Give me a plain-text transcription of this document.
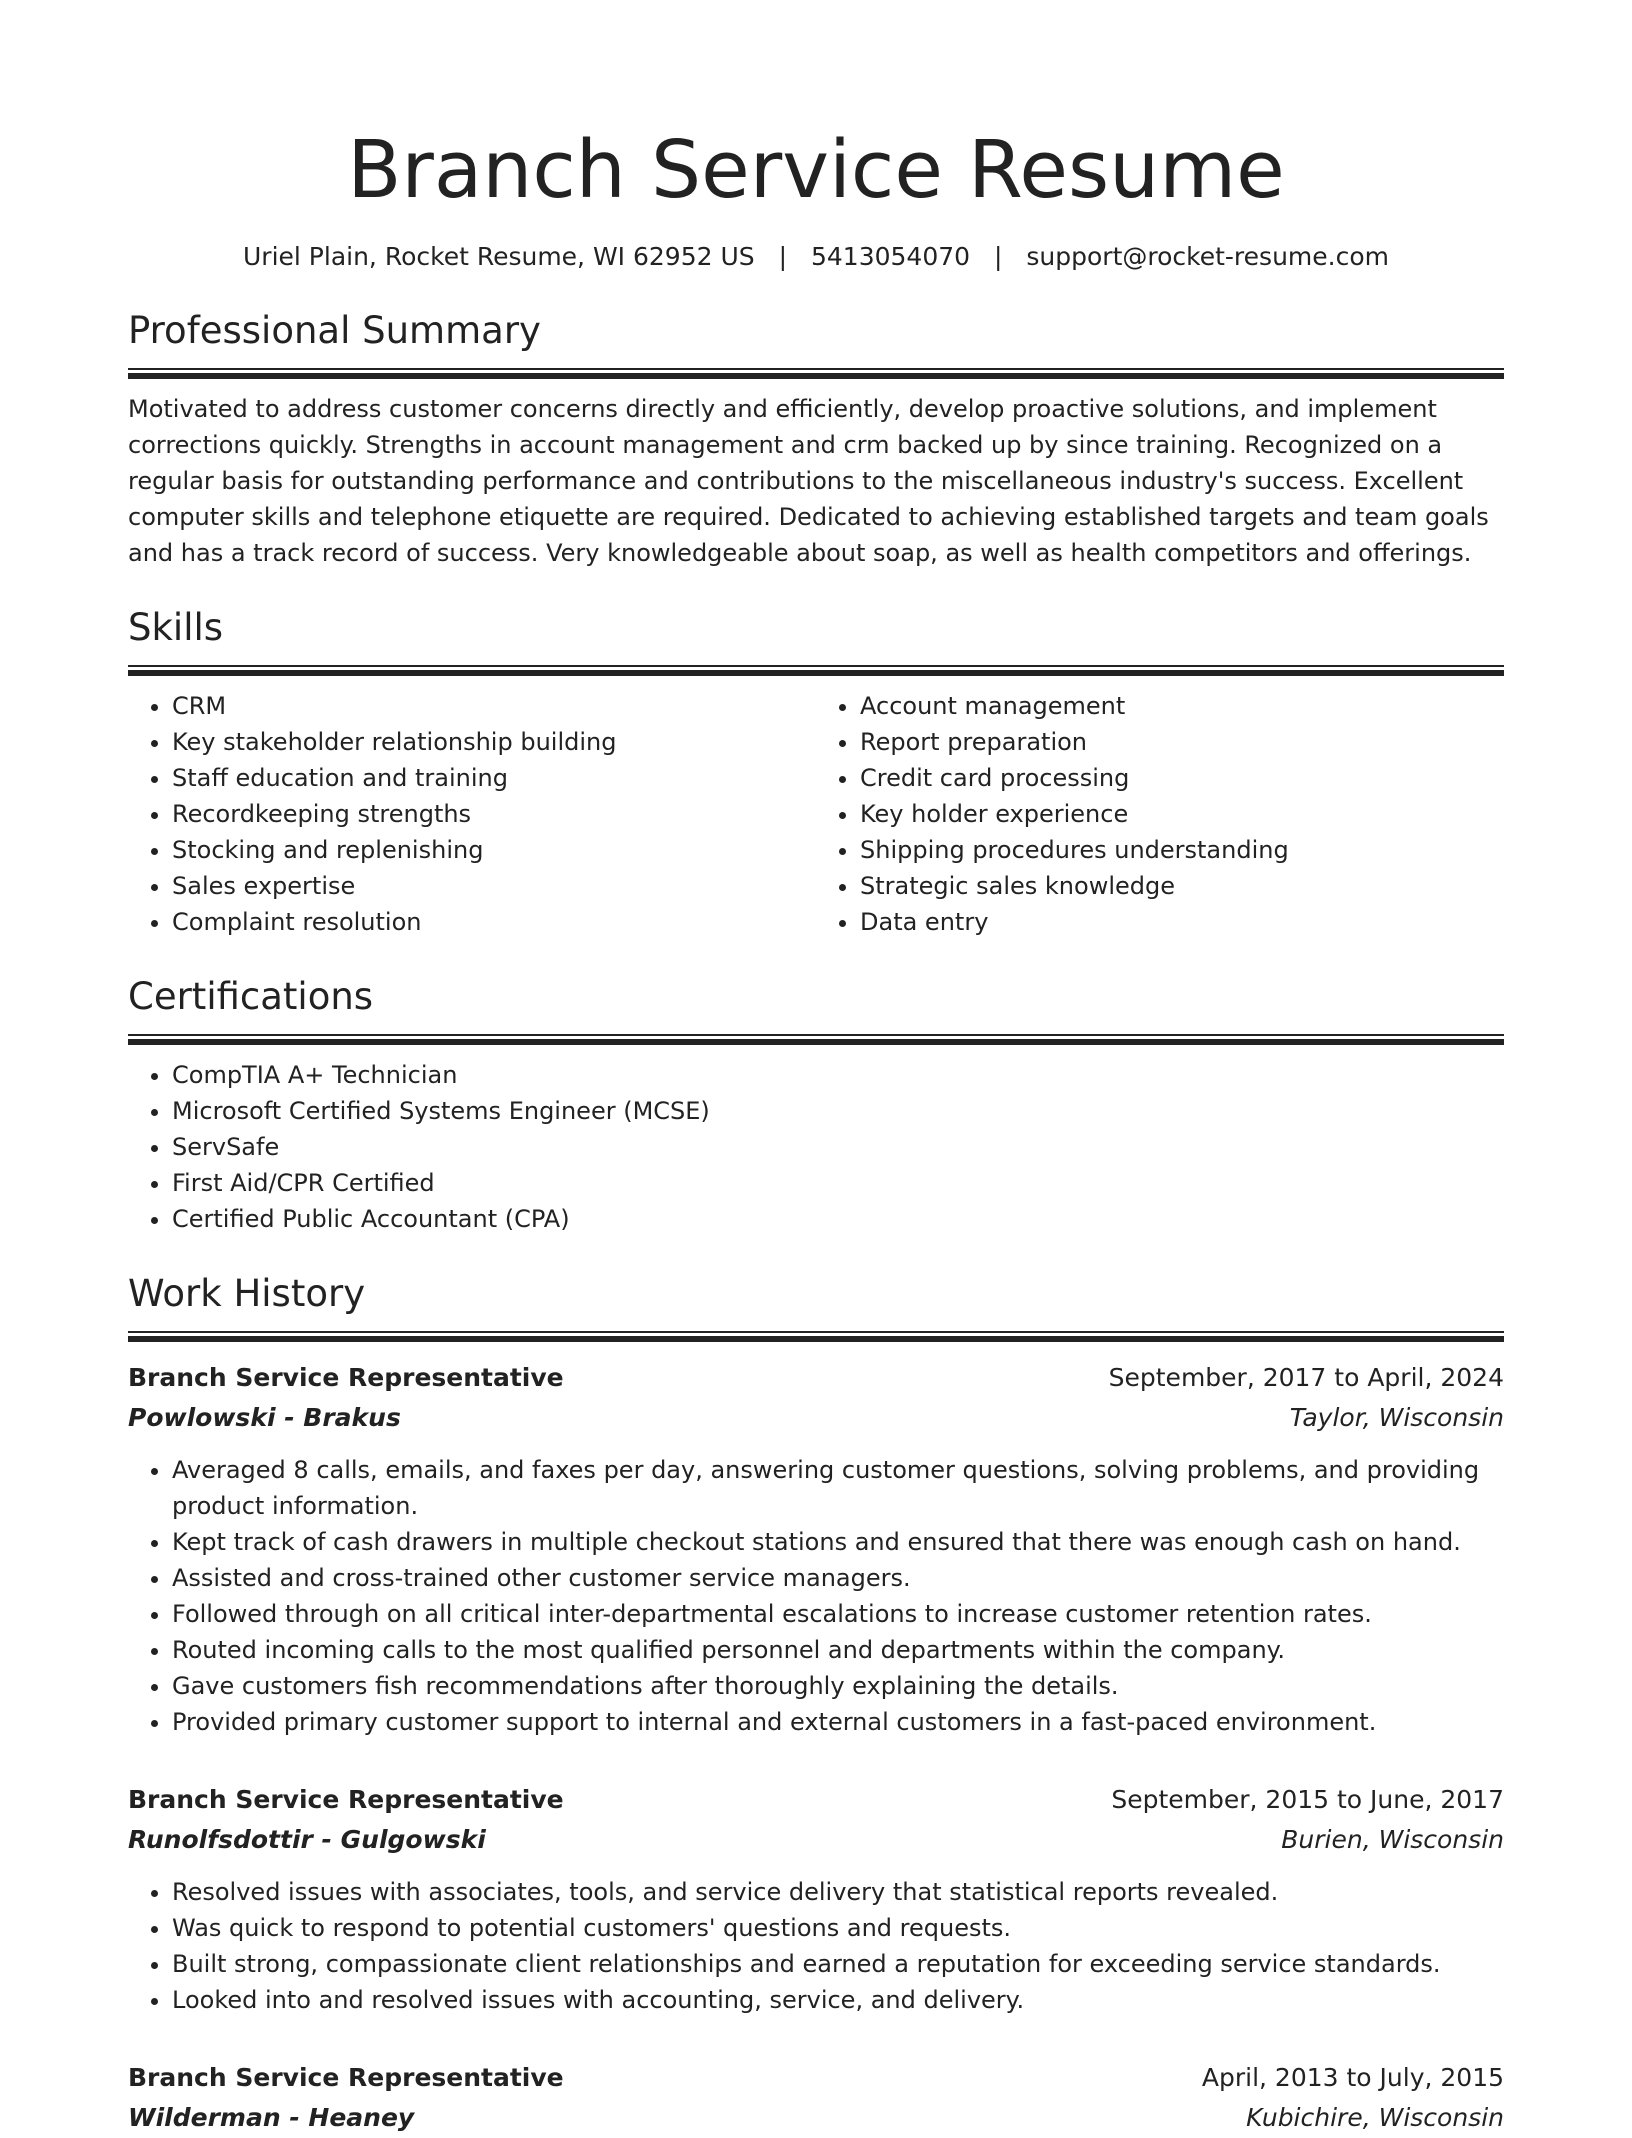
Branch Service Resume
Uriel Plain, Rocket Resume, WI 62952 US | 5413054070 | support@rocket-resume.com
Professional Summary
Motivated to address customer concerns directly and efficiently, develop proactive solutions, and implement corrections quickly. Strengths in account management and crm backed up by since training. Recognized on a regular basis for outstanding performance and contributions to the miscellaneous industry's success. Excellent computer skills and telephone etiquette are required. Dedicated to achieving established targets and team goals and has a track record of success. Very knowledgeable about soap, as well as health competitors and offerings.
Skills
• CRM
• Key stakeholder relationship building
• Staff education and training
• Recordkeeping strengths
• Stocking and replenishing
• Sales expertise
• Complaint resolution
• Account management
• Report preparation
• Credit card processing
• Key holder experience
• Shipping procedures understanding
• Strategic sales knowledge
• Data entry
Certifications
• CompTIA A+ Technician
• Microsoft Certified Systems Engineer (MCSE)
• ServSafe
• First Aid/CPR Certified
• Certified Public Accountant (CPA)
Work History
Branch Service Representative	September, 2017 to April, 2024
Powlowski - Brakus	Taylor, Wisconsin
• Averaged 8 calls, emails, and faxes per day, answering customer questions, solving problems, and providing product information.
• Kept track of cash drawers in multiple checkout stations and ensured that there was enough cash on hand.
• Assisted and cross-trained other customer service managers.
• Followed through on all critical inter-departmental escalations to increase customer retention rates.
• Routed incoming calls to the most qualified personnel and departments within the company.
• Gave customers fish recommendations after thoroughly explaining the details.
• Provided primary customer support to internal and external customers in a fast-paced environment.
Branch Service Representative	September, 2015 to June, 2017
Runolfsdottir - Gulgowski	Burien, Wisconsin
• Resolved issues with associates, tools, and service delivery that statistical reports revealed.
• Was quick to respond to potential customers' questions and requests.
• Built strong, compassionate client relationships and earned a reputation for exceeding service standards.
• Looked into and resolved issues with accounting, service, and delivery.
Branch Service Representative	April, 2013 to July, 2015
Wilderman - Heaney	Kubichire, Wisconsin
